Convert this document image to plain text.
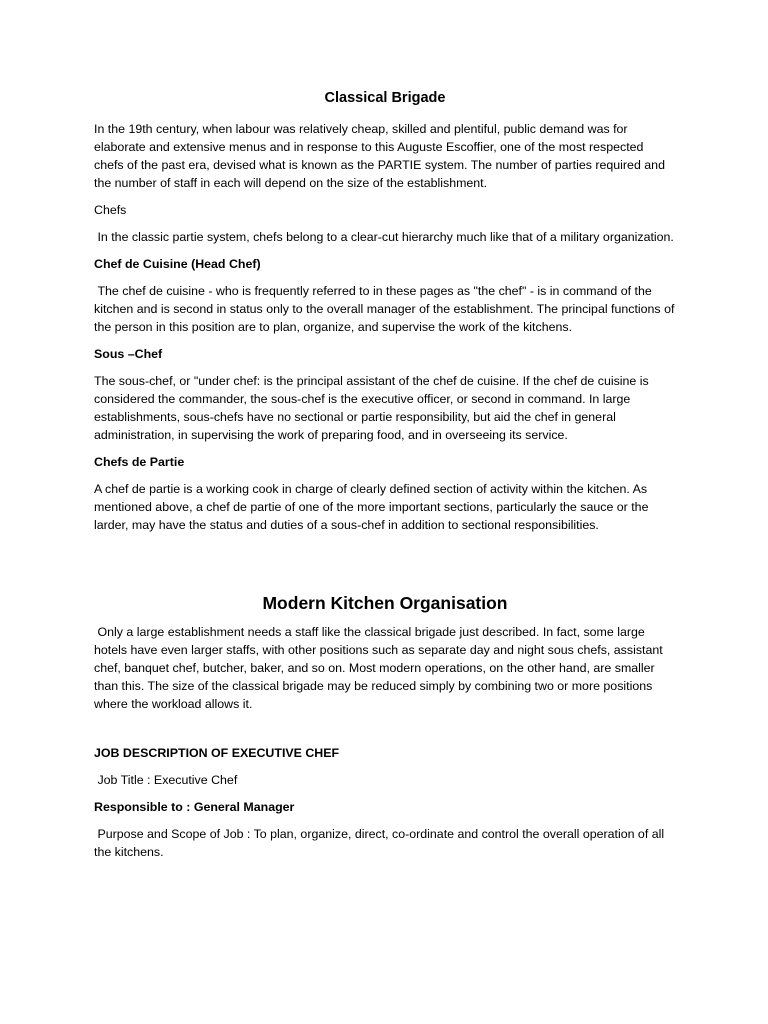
Classical Brigade

In the 19th century, when labour was relatively cheap, skilled and plentiful, public demand was for elaborate and extensive menus and in response to this Auguste Escoffier, one of the most respected chefs of the past era, devised what is known as the PARTIE system. The number of parties required and the number of staff in each will depend on the size of the establishment.

Chefs

In the classic partie system, chefs belong to a clear-cut hierarchy much like that of a military organization.

Chef de Cuisine (Head Chef)

The chef de cuisine - who is frequently referred to in these pages as "the chef" - is in command of the kitchen and is second in status only to the overall manager of the establishment. The principal functions of the person in this position are to plan, organize, and supervise the work of the kitchens.

Sous –Chef

The sous-chef, or "under chef: is the principal assistant of the chef de cuisine. If the chef de cuisine is considered the commander, the sous-chef is the executive officer, or second in command. In large establishments, sous-chefs have no sectional or partie responsibility, but aid the chef in general administration, in supervising the work of preparing food, and in overseeing its service.

Chefs de Partie

A chef de partie is a working cook in charge of clearly defined section of activity within the kitchen. As mentioned above, a chef de partie of one of the more important sections, particularly the sauce or the larder, may have the status and duties of a sous-chef in addition to sectional responsibilities.

Modern Kitchen Organisation

Only a large establishment needs a staff like the classical brigade just described. In fact, some large hotels have even larger staffs, with other positions such as separate day and night sous chefs, assistant chef, banquet chef, butcher, baker, and so on. Most modern operations, on the other hand, are smaller than this. The size of the classical brigade may be reduced simply by combining two or more positions where the workload allows it.

JOB DESCRIPTION OF EXECUTIVE CHEF

Job Title : Executive Chef

Responsible to : General Manager

Purpose and Scope of Job : To plan, organize, direct, co-ordinate and control the overall operation of all the kitchens.
